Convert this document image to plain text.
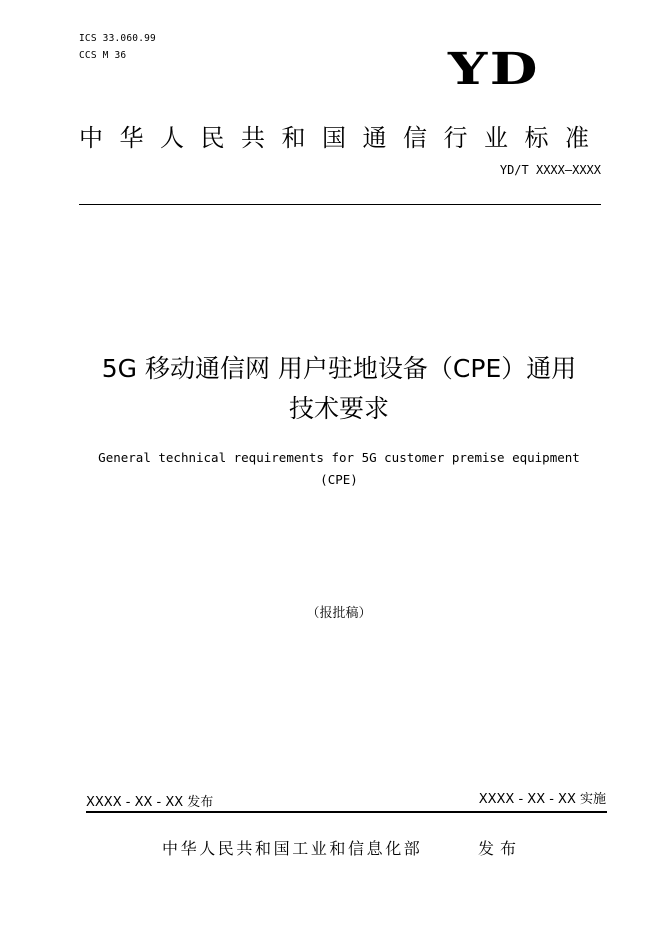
ICS 33.060.99
CCS M 36	YD
中华人民共和国通信行业标准
YD/T XXXX—XXXX
5G 移动通信网 用户驻地设备（CPE）通用
技术要求
General technical requirements for 5G customer premise equipment
(CPE)
（报批稿）
XXXX - XX - XX 发布	XXXX - XX - XX 实施
中华人民共和国工业和信息化部	发布
